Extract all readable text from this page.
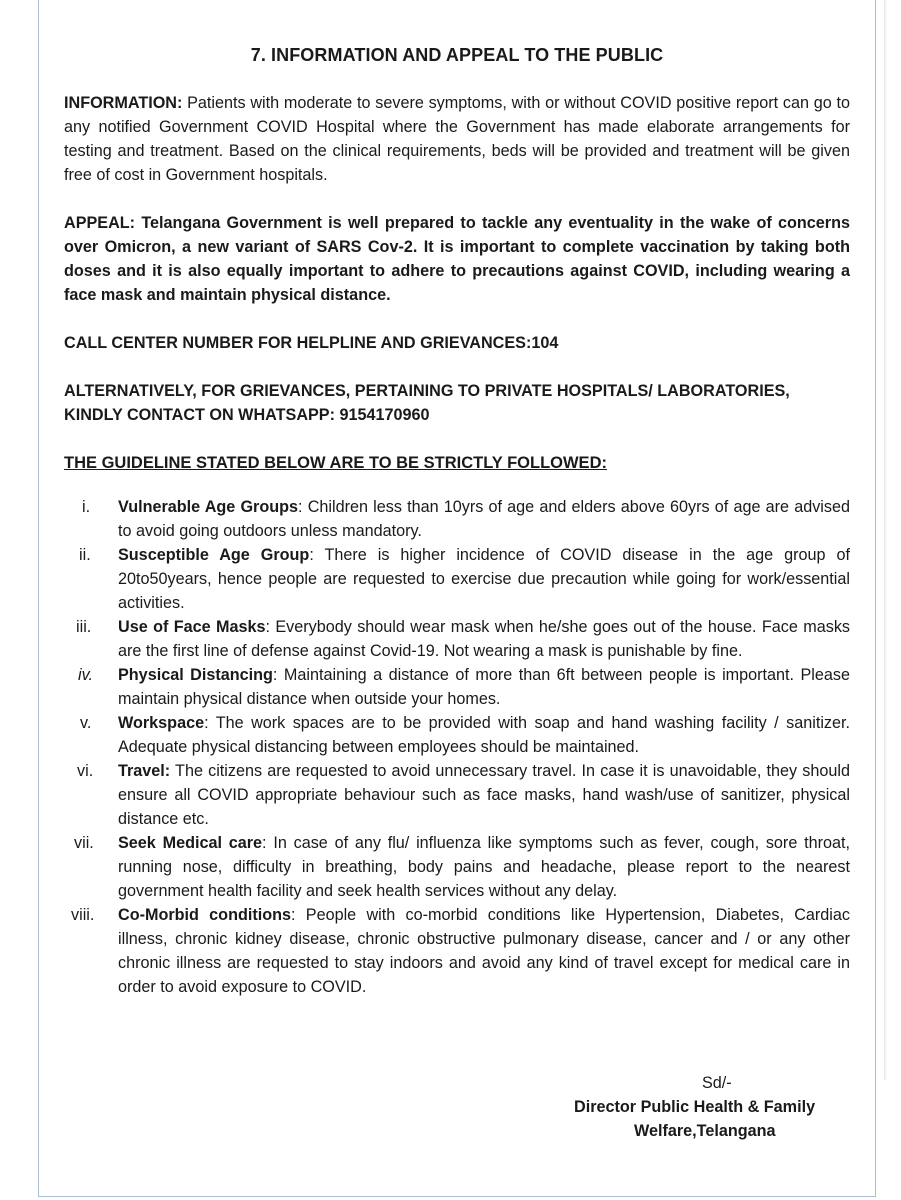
7. INFORMATION AND APPEAL TO THE PUBLIC

INFORMATION: Patients with moderate to severe symptoms, with or without COVID positive report can go to any notified Government COVID Hospital where the Government has made elaborate arrangements for testing and treatment. Based on the clinical requirements, beds will be provided and treatment will be given free of cost in Government hospitals.

APPEAL: Telangana Government is well prepared to tackle any eventuality in the wake of concerns over Omicron, a new variant of SARS Cov-2. It is important to complete vaccination by taking both doses and it is also equally important to adhere to precautions against COVID, including wearing a face mask and maintain physical distance.

CALL CENTER NUMBER FOR HELPLINE AND GRIEVANCES:104

ALTERNATIVELY, FOR GRIEVANCES, PERTAINING TO PRIVATE HOSPITALS/ LABORATORIES, KINDLY CONTACT ON WHATSAPP: 9154170960

THE GUIDELINE STATED BELOW ARE TO BE STRICTLY FOLLOWED:
i.	Vulnerable Age Groups: Children less than 10yrs of age and elders above 60yrs of age are advised to avoid going outdoors unless mandatory.
ii.	Susceptible Age Group: There is higher incidence of COVID disease in the age group of 20to50years, hence people are requested to exercise due precaution while going for work/essential activities.
iii.	Use of Face Masks: Everybody should wear mask when he/she goes out of the house. Face masks are the first line of defense against Covid-19. Not wearing a mask is punishable by fine.
iv.	Physical Distancing: Maintaining a distance of more than 6ft between people is important. Please maintain physical distance when outside your homes.
v.	Workspace: The work spaces are to be provided with soap and hand washing facility / sanitizer. Adequate physical distancing between employees should be maintained.
vi.	Travel: The citizens are requested to avoid unnecessary travel. In case it is unavoidable, they should ensure all COVID appropriate behaviour such as face masks, hand wash/use of sanitizer, physical distance etc.
vii.	Seek Medical care: In case of any flu/ influenza like symptoms such as fever, cough, sore throat, running nose, difficulty in breathing, body pains and headache, please report to the nearest government health facility and seek health services without any delay.
viii.	Co-Morbid conditions: People with co-morbid conditions like Hypertension, Diabetes, Cardiac illness, chronic kidney disease, chronic obstructive pulmonary disease, cancer and / or any other chronic illness are requested to stay indoors and avoid any kind of travel except for medical care in order to avoid exposure to COVID.
Sd/-
Director Public Health & Family
Welfare,Telangana
